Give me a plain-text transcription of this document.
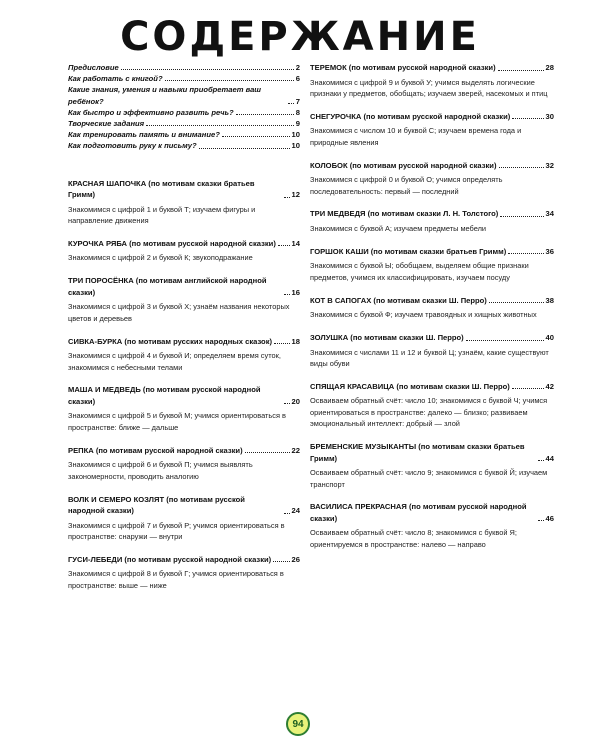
СОДЕРЖАНИЕ
Предисловие	2
Как работать с книгой?	6
Какие знания, умения и навыки приобретает ваш ребёнок?	7
Как быстро и эффективно развить речь?	8
Творческие задания	9
Как тренировать память и внимание?	10
Как подготовить руку к письму?	10
КРАСНАЯ ШАПОЧКА (по мотивам сказки братьев Гримм)	12
Знакомимся с цифрой 1 и буквой Т; изучаем фигуры и направление движения
КУРОЧКА РЯБА (по мотивам русской народной сказки) 14
Знакомимся с цифрой 2 и буквой К; звукоподражание
ТРИ ПОРОСЁНКА (по мотивам английской народной сказки)	16
Знакомимся с цифрой 3 и буквой Х; узнаём названия некоторых цветов и деревьев
СИВКА-БУРКА (по мотивам русских народных сказок)	18
Знакомимся с цифрой 4 и буквой И; определяем время суток, знакомимся с небесными телами
МАША И МЕДВЕДЬ (по мотивам русской народной сказки)	20
Знакомимся с цифрой 5 и буквой М; учимся ориентироваться в пространстве: ближе — дальше
РЕПКА (по мотивам русской народной сказки)	22
Знакомимся с цифрой 6 и буквой П; учимся выявлять закономерности, проводить аналогию
ВОЛК И СЕМЕРО КОЗЛЯТ (по мотивам русской народной сказки)	24
Знакомимся с цифрой 7 и буквой Р; учимся ориентироваться в пространстве: снаружи — внутри
ГУСИ-ЛЕБЕДИ (по мотивам русской народной сказки)	26
Знакомимся с цифрой 8 и буквой Г; учимся ориентироваться в пространстве: выше — ниже
ТЕРЕМОК (по мотивам русской народной сказки)	28
Знакомимся с цифрой 9 и буквой У; учимся выделять логические признаки у предметов, обобщать; изучаем зверей, насекомых и птиц
СНЕГУРОЧКА (по мотивам русской народной сказки)	30
Знакомимся с числом 10 и буквой С; изучаем времена года и природные явления
КОЛОБОК (по мотивам русской народной сказки)	32
Знакомимся с цифрой 0 и буквой О; учимся определять последовательность: первый — последний
ТРИ МЕДВЕДЯ (по мотивам сказки Л. Н. Толстого)	34
Знакомимся с буквой А; изучаем предметы мебели
ГОРШОК КАШИ (по мотивам сказки братьев Гримм)	36
Знакомимся с буквой Ы; обобщаем, выделяем общие признаки предметов, учимся их классифицировать, изучаем посуду
КОТ В САПОГАХ (по мотивам сказки Ш. Перро)	38
Знакомимся с буквой Ф; изучаем травоядных и хищных животных
ЗОЛУШКА (по мотивам сказки Ш. Перро)	40
Знакомимся с числами 11 и 12 и буквой Ц; узнаём, какие существуют виды обуви
СПЯЩАЯ КРАСАВИЦА (по мотивам сказки Ш. Перро)	42
Осваиваем обратный счёт: число 10; знакомимся с буквой Ч; учимся ориентироваться в пространстве: далеко — близко; развиваем эмоциональный интеллект: добрый — злой
БРЕМЕНСКИЕ МУЗЫКАНТЫ (по мотивам сказки братьев Гримм)	44
Осваиваем обратный счёт: число 9; знакомимся с буквой Й; изучаем транспорт
ВАСИЛИСА ПРЕКРАСНАЯ (по мотивам русской народной сказки)	46
Осваиваем обратный счёт: число 8; знакомимся с буквой Я; ориентируемся в пространстве: налево — направо
94
